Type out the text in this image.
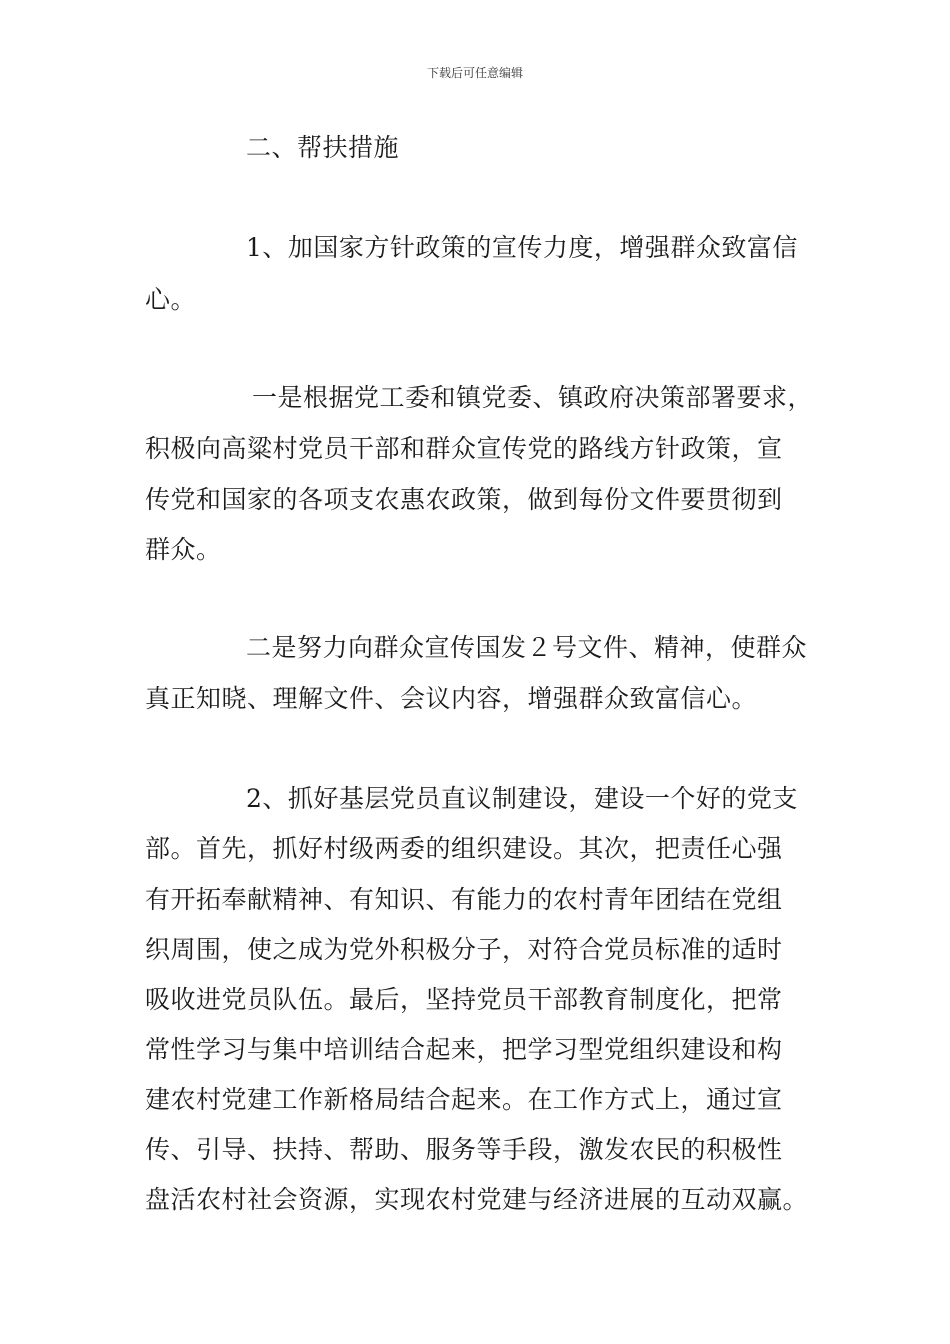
下载后可任意编辑
二、帮扶措施
1、加国家方针政策的宣传力度，增强群众致富信
心。
一是根据党工委和镇党委、镇政府决策部署要求，
积极向高粱村党员干部和群众宣传党的路线方针政策，宣
传党和国家的各项支农惠农政策，做到每份文件要贯彻到
群众。
二是努力向群众宣传国发２号文件、精神，使群众
真正知晓、理解文件、会议内容，增强群众致富信心。
2、抓好基层党员直议制建设，建设一个好的党支
部。首先，抓好村级两委的组织建设。其次，把责任心强
有开拓奉献精神、有知识、有能力的农村青年团结在党组
织周围，使之成为党外积极分子，对符合党员标准的适时
吸收进党员队伍。最后，坚持党员干部教育制度化，把常
常性学习与集中培训结合起来，把学习型党组织建设和构
建农村党建工作新格局结合起来。在工作方式上，通过宣
传、引导、扶持、帮助、服务等手段，激发农民的积极性
盘活农村社会资源，实现农村党建与经济进展的互动双赢。
